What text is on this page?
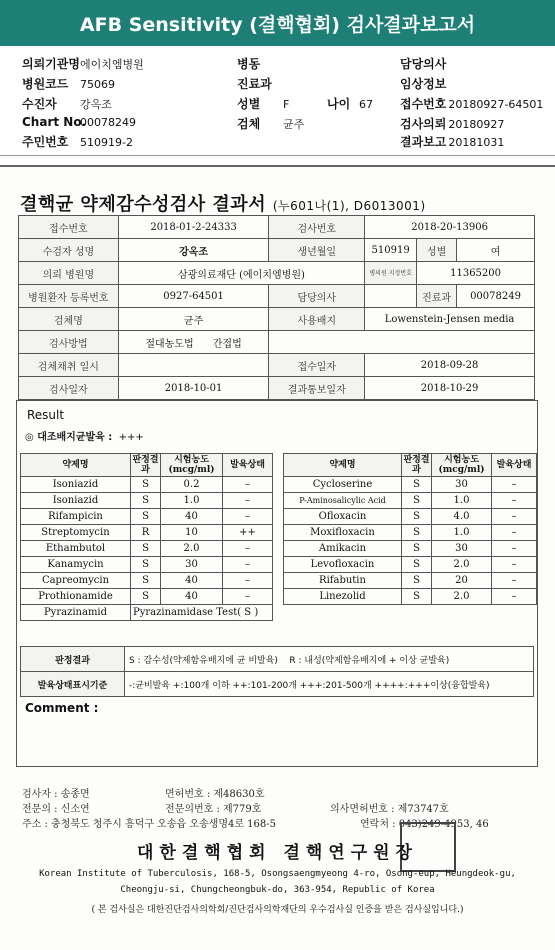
AFB Sensitivity (결핵협회) 검사결과보고서
의뢰기관명에이치엠병원
병원코드 75069
수진자 강옥조
Chart No.00078249
주민번호 510919-2
병동
진료과
성별 F
검체 균주
나이 67
담당의사
임상정보
접수번호 20180927-64501
검사의뢰 20180927
결과보고 20181031
결핵균 약제감수성검사 결과서 (누601나(1), D6013001)
접수번호	2018-01-2-24333	검사번호	2018-20-13906		
수검자 성명	강옥조	생년월일	510919	성별	여
의뢰 병원명	삼광의료재단 (에이치엠병원)		병의원 지정번호	11365200	
병원환자 등록번호	0927-64501	담당의사		진료과	00078249
검체명	균주	사용배지	Lowenstein-Jensen media		
검사방법	절대농도법 간접법				
검체채취 일시		접수일자	2018-09-28		
검사일자	2018-10-01	결과통보일자	2018-10-29		
Result
◎ 대조배지균발육 : +++
약제명	판정결과	시험농도(mcg/ml)	발육상태		약제명	판정결과	시험농도(mcg/ml)	발육상태
Isoniazid	S	0.2	–		Cycloserine	S	30	–
Isoniazid	S	1.0	–		P-Aminosalicylic Acid	S	1.0	–
Rifampicin	S	40	–		Ofloxacin	S	4.0	–
Streptomycin	R	10	++		Moxifloxacin	S	1.0	–
Ethambutol	S	2.0	–		Amikacin	S	30	–
Kanamycin	S	30	–		Levofloxacin	S	2.0	–
Capreomycin	S	40	–		Rifabutin	S	20	–
Prothionamide	S	40	–		Linezolid	S	2.0	–
Pyrazinamid	Pyrazinamidase Test( S )							
판정결과	S : 감수성(약제함유배지에 균 비발육) R : 내성(약제함유배지에 + 이상 균발육)
발육상태표시기준	-:균비발육 +:100개 이하 ++:101-200개 +++:201-500개 ++++:+++이상(융합발육)
Comment :
검사자 : 송종면	면허번호 : 제48630호
전문의 : 신소연	전문의번호 : 제779호	의사면허번호 : 제73747호
주소 : 충청북도 청주시 흥덕구 오송읍 오송생명4로 168-5	연락처 : 043)249-4953, 46
대한결핵협회 결핵연구원장
Korean Institute of Tuberculosis, 168-5, Osongsaengmyeong 4-ro, Osong-eup, Heungdeok-gu,
Cheongju-si, Chungcheongbuk-do, 363-954, Republic of Korea
( 본 검사실은 대한진단검사의학회/진단검사의학재단의 우수검사실 인증을 받은 검사실입니다.)
